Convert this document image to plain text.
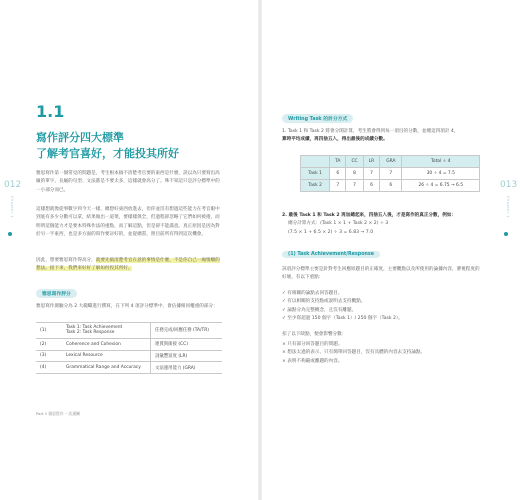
1.1
寫作評分四大標準
了解考官喜好，才能投其所好
雅思寫作第一個常見的問題是，考生根本搞不清楚考官要的東西是什麼，誤以為只要寫出高級的單字、長級的句型、文法都是不要太多，這樣就會高分了。殊不知這只是評分標準中的一小部分而已。
這樣想就像從事數字到今天一樣，總想好東西放進去，但你並沒有想過這些能力在考官眼中到底有多少分數可以拿，結果做出一道菜，要樣樣俱全，但過程卻忽略了它們如何被捲，而明明這個能力才是要本特殊作法的重點，而了解這點，但是卻不能滿意。真正原因是因為對於另一半東西，也是多方面的寫作要討好的，並從總書，照目前所有得到這次機會。
因此，想要雅思寫作得高分，就要先搞清楚考官在意的事情是什麼，不是你自己一廂情願的想法。接下來，我們來好好了解如何投其所好。
雅思寫作評分
雅思寫作測驗分為 2 大範疇進行撰寫，在下列 4 項評分標準中，會佔據相同權重的部分：
(1)	Task 1: Task Achievement
Task 2: Task Response	任務完成/回應任務 (TA/TR)
(2)	Coherence and Cohesion	連貫與銜接 (CC)
(3)	Lexical Resource	詞彙豐富度 (LR)
(4)	Grammatical Range and Accuracy	文法運用能力 (GRA)
012
Chapter 1
Part 1 雅思寫作 一次通關
Writing Task 的計分方式
1. Task 1 和 Task 2 將會分開計算，考生將會得到每一項目的分數，並總這四項計 4，
算時平均成績，再四捨五入，得出最後的成績分數。
	TA	CC	LR	GRA	Total ÷ 4
Task 1	6	8	7	7	30 ÷ 4 = 7.5
Task 2	7	7	6	6	26 ÷ 4 = 6.75 → 6.5
2. 最後 Task 1 和 Task 2 再加總起來，四捨五入後，才是寫作的真正分數，例如：
總分計算方式：(Task 1 × 1 + Task 2 × 2) ÷ 3
(7.5 × 1 + 6.5 × 2) ÷ 3 = 6.83 → 7.0
(1) Task Achievement/Response
該項評分標準主要是針對考生回應原題目的正確度，主要觀點以及所使用的論據內容，審視程度的好壞，有以下重點：
✓ 有相關的論點去回答題目。
✓ 有以相關的支持點或說明去支持觀點。
✓ 論點分為完整概念，且沒有離題。
✓ 至少寫超過 150 個字（Task 1）/ 250 個字（Task 2）。
扣了以下缺點，便會影響分數：
× 只有部分回答題目的問題。
× 想法太過的表示，只有簡單回答題目，沒有具體的內容去支持論點。
× 表明不夠嚴或離題的內容。
013
Chapter 1
